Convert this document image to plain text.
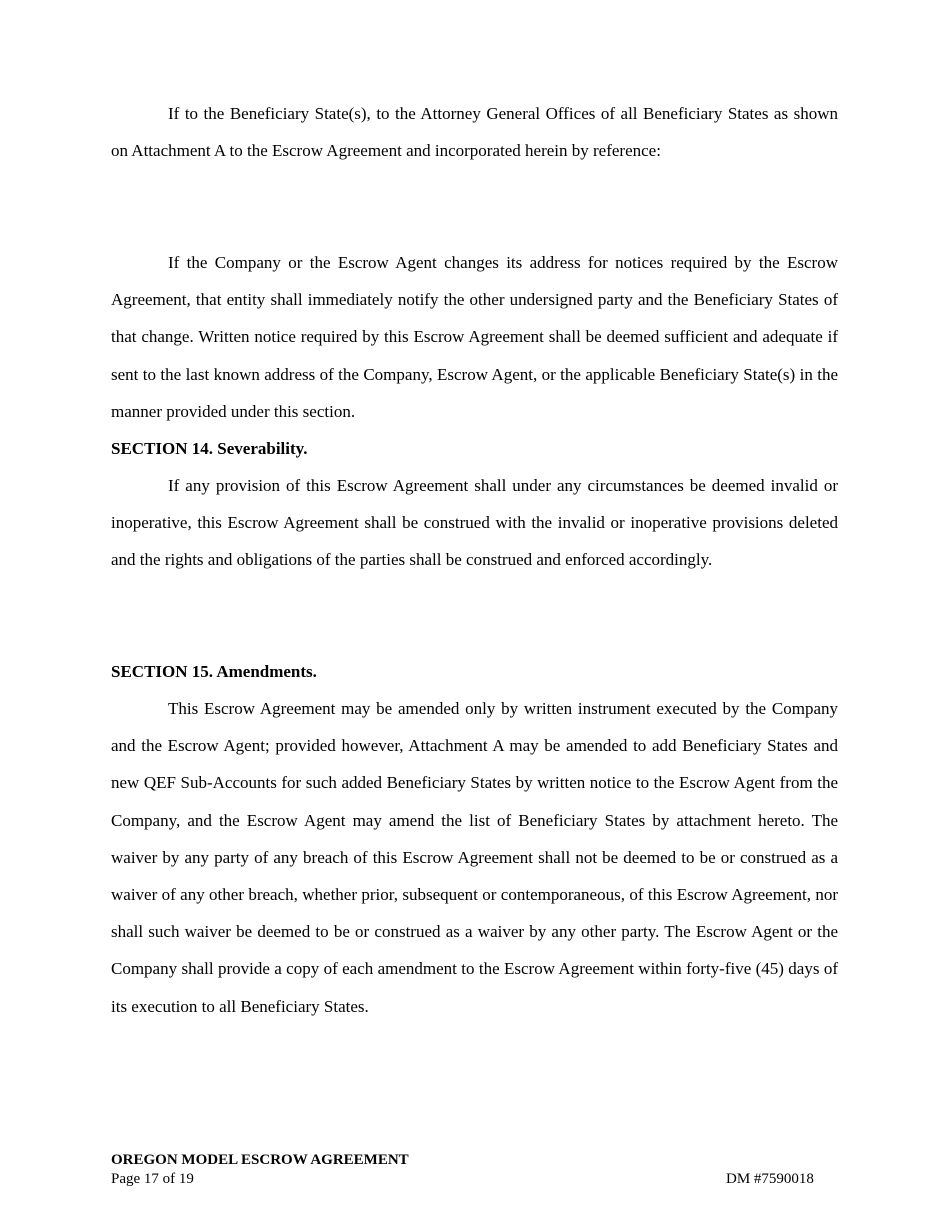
If to the Beneficiary State(s), to the Attorney General Offices of all Beneficiary States as shown on Attachment A to the Escrow Agreement and incorporated herein by reference:

If the Company or the Escrow Agent changes its address for notices required by the Escrow Agreement, that entity shall immediately notify the other undersigned party and the Beneficiary States of that change. Written notice required by this Escrow Agreement shall be deemed sufficient and adequate if sent to the last known address of the Company, Escrow Agent, or the applicable Beneficiary State(s) in the manner provided under this section.

SECTION 14. Severability.

If any provision of this Escrow Agreement shall under any circumstances be deemed invalid or inoperative, this Escrow Agreement shall be construed with the invalid or inoperative provisions deleted and the rights and obligations of the parties shall be construed and enforced accordingly.

SECTION 15. Amendments.

This Escrow Agreement may be amended only by written instrument executed by the Company and the Escrow Agent; provided however, Attachment A may be amended to add Beneficiary States and new QEF Sub-Accounts for such added Beneficiary States by written notice to the Escrow Agent from the Company, and the Escrow Agent may amend the list of Beneficiary States by attachment hereto. The waiver by any party of any breach of this Escrow Agreement shall not be deemed to be or construed as a waiver of any other breach, whether prior, subsequent or contemporaneous, of this Escrow Agreement, nor shall such waiver be deemed to be or construed as a waiver by any other party. The Escrow Agent or the Company shall provide a copy of each amendment to the Escrow Agreement within forty-five (45) days of its execution to all Beneficiary States.

OREGON MODEL ESCROW AGREEMENT
Page 17 of 19	DM #7590018
